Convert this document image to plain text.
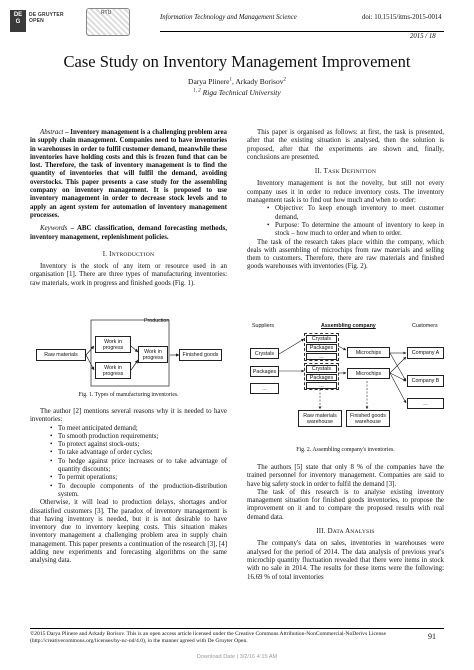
DE
G
DE GRUYTER
OPEN
RTU
Information Technology and Management Science	doi: 10.1515/itms-2015-0014
2015 / 18
Case Study on Inventory Management Improvement
Darya Plinere$^1$, Arkady Borisov$^2$
$^{1, 2}$ Riga Technical University

Abstract – Inventory management is a challenging problem area in supply chain management. Companies need to have inventories in warehouses in order to fulfil customer demand, meanwhile these inventories have holding costs and this is frozen fund that can be lost. Therefore, the task of inventory management is to find the quantity of inventories that will fulfil the demand, avoiding overstocks. This paper presents a case study for the assembling company on inventory management. It is proposed to use inventory management in order to decrease stock levels and to apply an agent system for automation of inventory management processes.

Keywords – ABC classification, demand forecasting methods, inventory management, replenishment policies.

I. INTRODUCTION

Inventory is the stock of any item or resource used in an organisation [1]. There are three types of manufacturing inventories: raw materials, work in progress and finished goods (Fig. 1).

Production
Raw materials
Work in progress
Work in progress
Work in progress	Finished goods

Fig. 1. Types of manufacturing inventories.

The author [2] mentions several reasons why it is needed to have inventories:

• To meet anticipated demand;
• To smooth production requirements;
• To protect against stock-outs;
• To take advantage of order cycles;
• To hedge against price increases or to take advantage of quantity discounts;
• To permit operations;
• To decouple components of the production-distribution system.

Otherwise, it will lead to production delays, shortages and/or dissatisfied customers [3]. The paradox of inventory management is that having inventory is needed, but it is not desirable to have inventory due to inventory keeping costs. This situation makes inventory management a challenging problem area in supply chain management. This paper presents a continuation of the research [3], [4] adding new experiments and forecasting algorithms on the same analysing data.

This paper is organised as follows: at first, the task is presented, after that the existing situation is analysed, then the solution is proposed, after that the experiments are shown and, finally, conclusions are presented.

II. TASK DEFINITION

Inventory management is not the novelty, but still not every company uses it in order to reduce inventory costs. The inventory management task is to find out how much and when to order:

• Objective: To keep enough inventory to meet customer demand,
• Purpose: To determine the amount of inventory to keep in stock – how much to order and when to order.

The task of the research takes place within the company, which deals with assembling of microchips from raw materials and selling them to customers. Therefore, there are raw materials and finished goods warehouses with inventories (Fig. 2).

Suppliers	Assembling company	Customers
Crystals
Packages
...
Crystals
Packages
...
Crystals
Packages
...
Microchips
Microchips
Company A
Company B
...
Raw materials warehouse
Finished goods warehouse

Fig. 2. Assembling company's inventories.

The authors [5] state that only 8 % of the companies have the trained personnel for inventory management. Companies are said to have big safety stock in order to fulfil the demand [3].

The task of this research is to analyse existing inventory management situation for finished goods inventories, to propose the improvement on it and to compare the proposed results with real demand data.

III. DATA ANALYSIS

The company's data on sales, inventories in warehouses were analysed for the period of 2014. The data analysis of previous year's microchip quantity fluctuation revealed that there were items in stock with no sale in 2014. The results for these items were the following: 16.69 % of total inventories

©2015 Darya Plinere and Arkady Borisov. This is an open access article licensed under the Creative Commons Attribution-NonCommercial-NoDerivs License (http://creativecommons.org/licenses/by-nc-nd/4.0), in the manner agreed with De Gruyter Open.	91
Download Date | 3/2/16 4:15 AM
